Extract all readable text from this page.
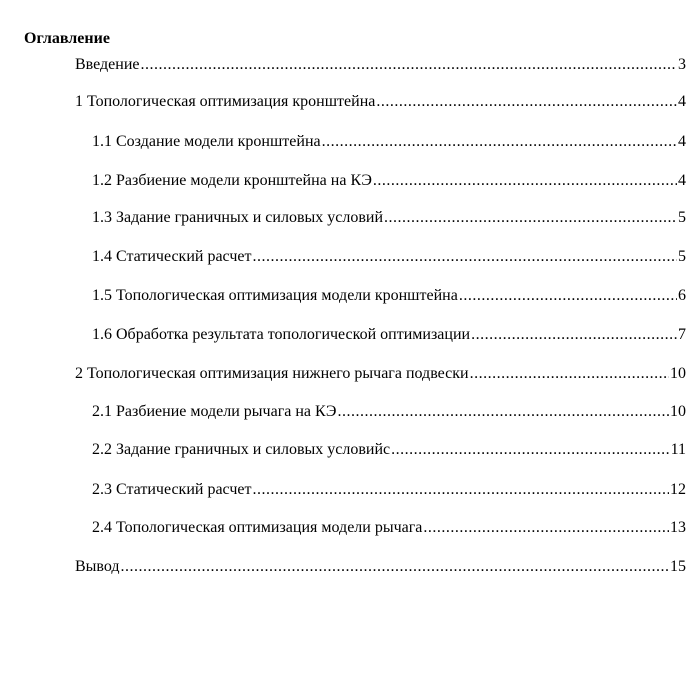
Оглавление
Введение .....	3
1 Топологическая оптимизация кронштейна .....	4
1.1 Создание модели кронштейна .....	4
1.2 Разбиение модели кронштейна на КЭ .....	4
1.3 Задание граничных и силовых условий .....	5
1.4 Статический расчет .....	5
1.5 Топологическая оптимизация модели кронштейна .....	6
1.6 Обработка результата топологической оптимизации .....	7
2 Топологическая оптимизация нижнего рычага подвески .....	10
2.1 Разбиение модели рычага на КЭ .....	10
2.2 Задание граничных и силовых условийс .....	11
2.3 Статический расчет .....	12
2.4 Топологическая оптимизация модели рычага .....	13
Вывод .....	15
